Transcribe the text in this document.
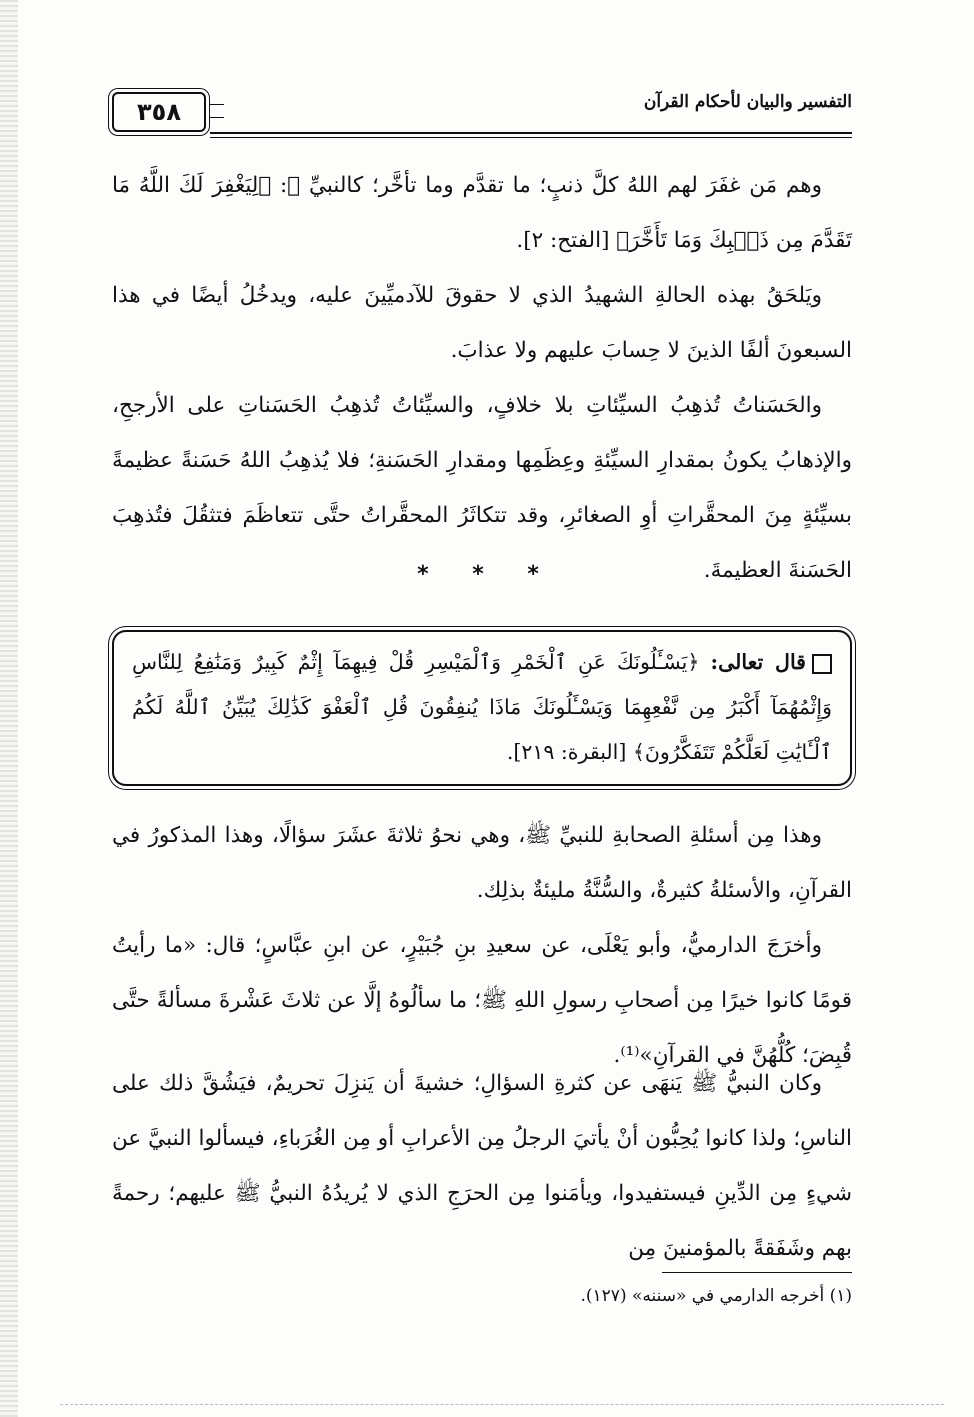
٣٥٨	التفسير والبيان لأحكام القرآن

وهم مَن غفَرَ لهم اللهُ كلَّ ذنبٍ؛ ما تقدَّم وما تأخَّر؛ كالنبيِّ ﷺ: ﴿لِيَغْفِرَ لَكَ اللَّهُ مَا تَقَدَّمَ مِن ذَنۢبِكَ وَمَا تَأَخَّرَ﴾ [الفتح: ٢].

ويَلحَقُ بهذه الحالةِ الشهيدُ الذي لا حقوقَ للآدميِّينَ عليه، ويدخُلُ أيضًا في هذا السبعونَ ألفًا الذينَ لا حِسابَ عليهم ولا عذابَ.

والحَسَناتُ تُذهِبُ السيِّئاتِ بلا خلافٍ، والسيِّئاتُ تُذهِبُ الحَسَناتِ على الأرجحِ، والإذهابُ يكونُ بمقدارِ السيِّئةِ وعِظَمِها ومقدارِ الحَسَنةِ؛ فلا يُذهِبُ اللهُ حَسَنةً عظيمةً بسيِّئةٍ مِنَ المحقَّراتِ أوِ الصغائرِ، وقد تتكاثَرُ المحقَّراتُ حتَّى تتعاظَمَ فتثقُلَ فتُذهِبَ الحَسَنةَ العظيمةَ.

* * *
قال تعالى: ﴿يَسْـَٔلُونَكَ عَنِ ٱلْخَمْرِ وَٱلْمَيْسِرِ قُلْ فِيهِمَآ إِثْمٌ كَبِيرٌ وَمَنَٰفِعُ لِلنَّاسِ وَإِثْمُهُمَآ أَكْبَرُ مِن نَّفْعِهِمَا وَيَسْـَٔلُونَكَ مَاذَا يُنفِقُونَ قُلِ ٱلْعَفْوَ كَذَٰلِكَ يُبَيِّنُ ٱللَّهُ لَكُمُ ٱلْـَٔايَٰتِ لَعَلَّكُمْ تَتَفَكَّرُونَ﴾ [البقرة: ٢١٩].

وهذا مِن أسئلةِ الصحابةِ للنبيِّ ﷺ، وهي نحوُ ثلاثةَ عشَرَ سؤالًا، وهذا المذكورُ في القرآنِ، والأسئلةُ كثيرةٌ، والسُّنَّةُ مليئةٌ بذلِك.

وأخرَجَ الدارميُّ، وأبو يَعْلَى، عن سعيدِ بنِ جُبَيْرٍ، عن ابنِ عبَّاسٍ؛ قال: «ما رأيتُ قومًا كانوا خيرًا مِن أصحابِ رسولِ اللهِ ﷺ؛ ما سألُوهُ إلَّا عن ثلاثَ عَشْرةَ مسألةً حتَّى قُبِضَ؛ كُلُّهُنَّ في القرآنِ»⁽¹⁾.

وكان النبيُّ ﷺ يَنهَى عن كثرةِ السؤالِ؛ خشيةَ أن يَنزِلَ تحريمٌ، فيَشُقَّ ذلك على الناسِ؛ ولذا كانوا يُحِبُّون أنْ يأتيَ الرجلُ مِن الأعرابِ أو مِن الغُرَباءِ، فيسألوا النبيَّ عن شيءٍ مِن الدِّينِ فيستفيدوا، ويأمَنوا مِن الحرَجِ الذي لا يُريدُهُ النبيُّ ﷺ عليهم؛ رحمةً بهم وشَفَقةً بالمؤمنينَ مِن

(١) أخرجه الدارمي في «سننه» (١٢٧).
